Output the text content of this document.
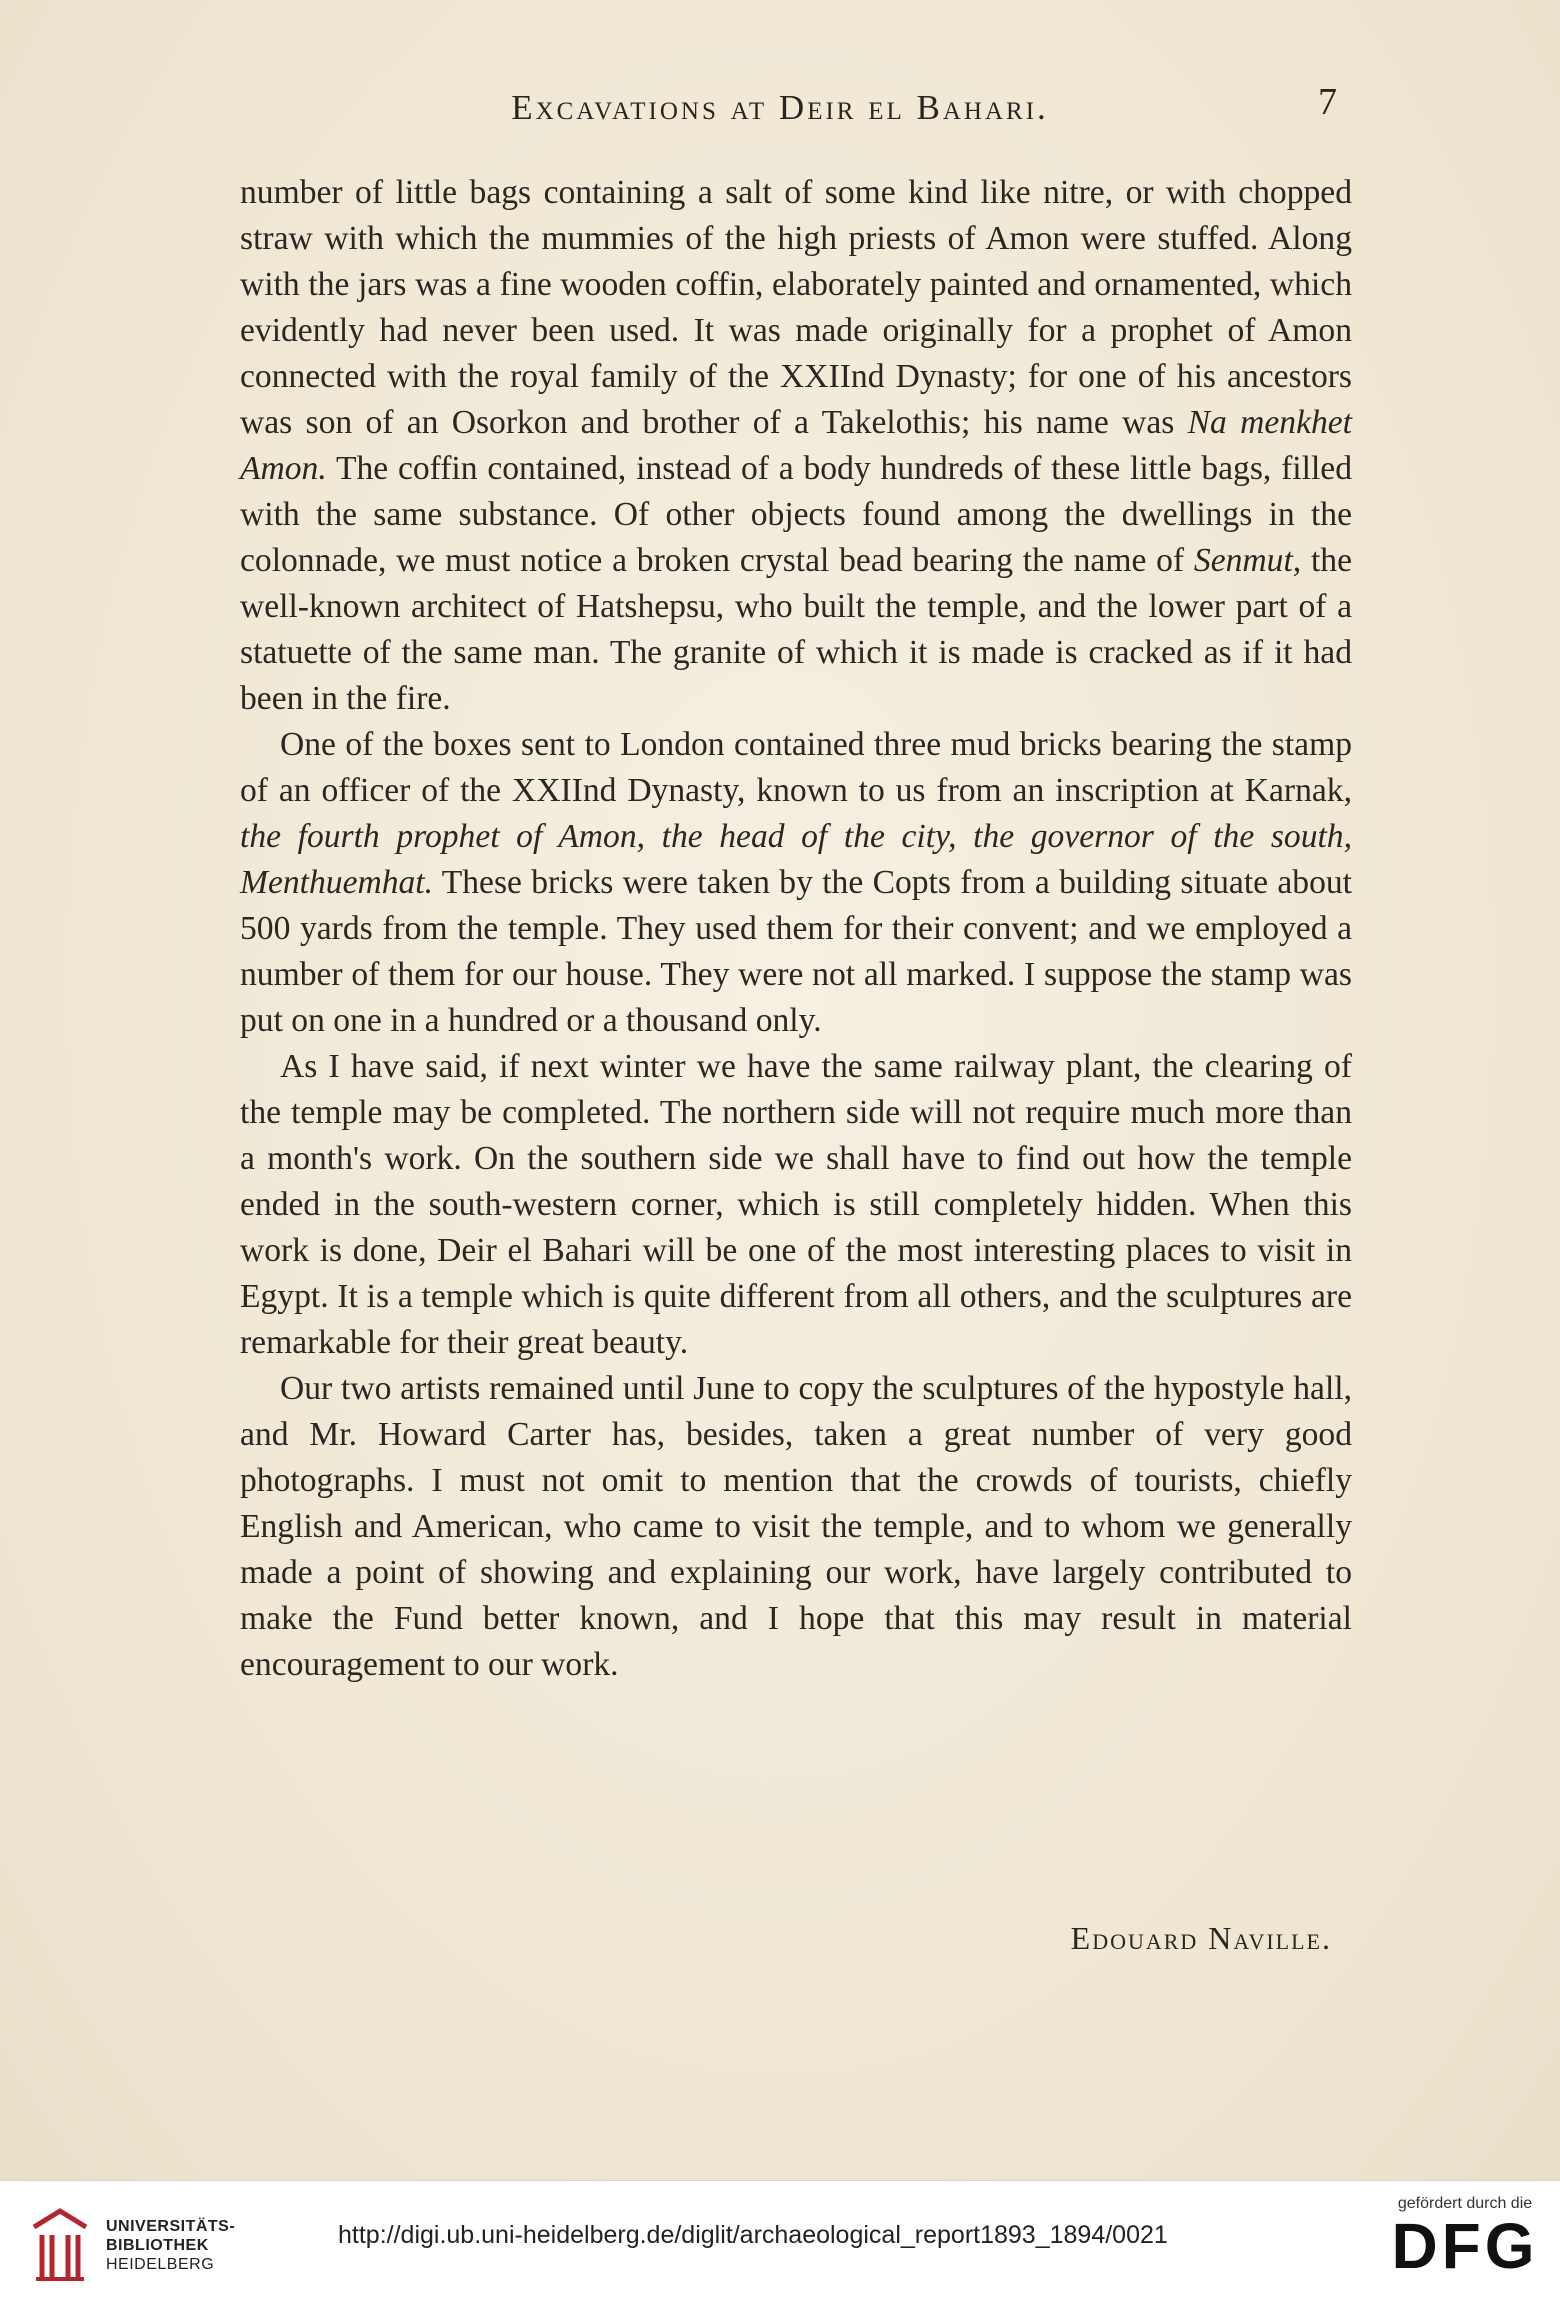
Excavations at Deir el Bahari.	7

number of little bags containing a salt of some kind like nitre, or with chopped straw with which the mummies of the high priests of Amon were stuffed. Along with the jars was a fine wooden coffin, elaborately painted and ornamented, which evidently had never been used. It was made originally for a prophet of Amon connected with the royal family of the XXIInd Dynasty; for one of his ancestors was son of an Osorkon and brother of a Takelothis; his name was Na menkhet Amon. The coffin contained, instead of a body hundreds of these little bags, filled with the same substance. Of other objects found among the dwellings in the colonnade, we must notice a broken crystal bead bearing the name of Senmut, the well-known architect of Hatshepsu, who built the temple, and the lower part of a statuette of the same man. The granite of which it is made is cracked as if it had been in the fire.

One of the boxes sent to London contained three mud bricks bearing the stamp of an officer of the XXIInd Dynasty, known to us from an inscription at Karnak, the fourth prophet of Amon, the head of the city, the governor of the south, Menthuemhat. These bricks were taken by the Copts from a building situate about 500 yards from the temple. They used them for their convent; and we employed a number of them for our house. They were not all marked. I suppose the stamp was put on one in a hundred or a thousand only.

As I have said, if next winter we have the same railway plant, the clearing of the temple may be completed. The northern side will not require much more than a month's work. On the southern side we shall have to find out how the temple ended in the south-western corner, which is still completely hidden. When this work is done, Deir el Bahari will be one of the most interesting places to visit in Egypt. It is a temple which is quite different from all others, and the sculptures are remarkable for their great beauty.

Our two artists remained until June to copy the sculptures of the hypostyle hall, and Mr. Howard Carter has, besides, taken a great number of very good photographs. I must not omit to mention that the crowds of tourists, chiefly English and American, who came to visit the temple, and to whom we generally made a point of showing and explaining our work, have largely contributed to make the Fund better known, and I hope that this may result in material encouragement to our work.

Edouard Naville.
UNIVERSITÄTS-
BIBLIOTHEK
HEIDELBERG
http://digi.ub.uni-heidelberg.de/diglit/archaeological_report1893_1894/0021
gefördert durch die
DFG
